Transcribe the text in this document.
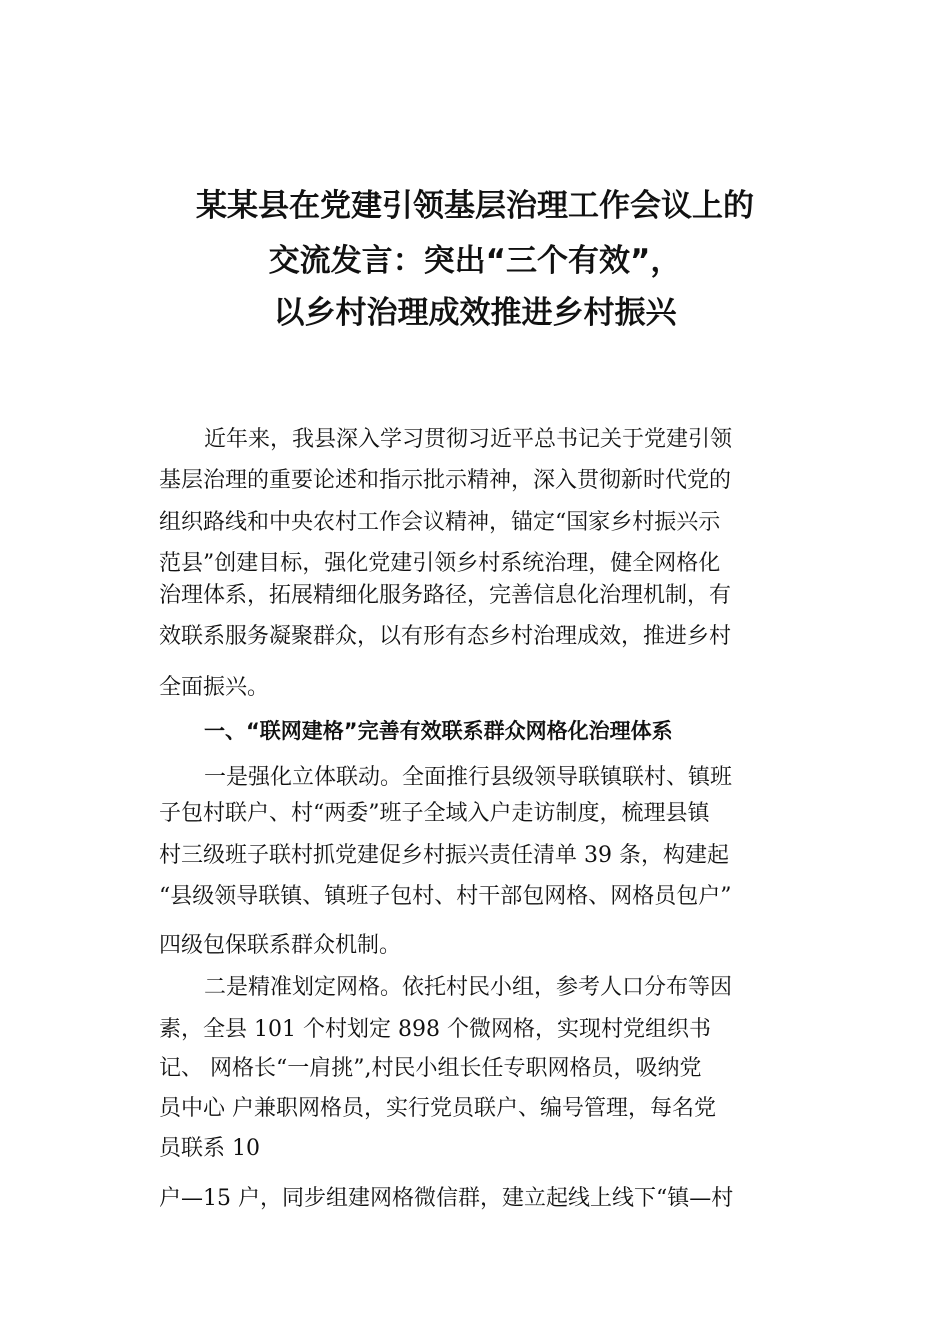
某某县在党建引领基层治理工作会议上的
交流发言：突出“三个有效”，
以乡村治理成效推进乡村振兴
近年来，我县深入学习贯彻习近平总书记关于党建引领
基层治理的重要论述和指示批示精神，深入贯彻新时代党的
组织路线和中央农村工作会议精神，锚定“国家乡村振兴示
范县”创建目标，强化党建引领乡村系统治理，健全网格化
治理体系，拓展精细化服务路径，完善信息化治理机制，有
效联系服务凝聚群众，以有形有态乡村治理成效，推进乡村
全面振兴。
一、“联网建格”完善有效联系群众网格化治理体系
一是强化立体联动。全面推行县级领导联镇联村、镇班
子包村联户、村“两委”班子全域入户走访制度，梳理县镇
村三级班子联村抓党建促乡村振兴责任清单 39 条，构建起
“县级领导联镇、镇班子包村、村干部包网格、网格员包户”
四级包保联系群众机制。
二是精准划定网格。依托村民小组，参考人口分布等因
素，全县 101 个村划定 898 个微网格，实现村党组织书
记、 网格长“一肩挑”,村民小组长任专职网格员，吸纳党
员中心 户兼职网格员，实行党员联户、编号管理，每名党
员联系 10
户—15 户，同步组建网格微信群，建立起线上线下“镇—村
